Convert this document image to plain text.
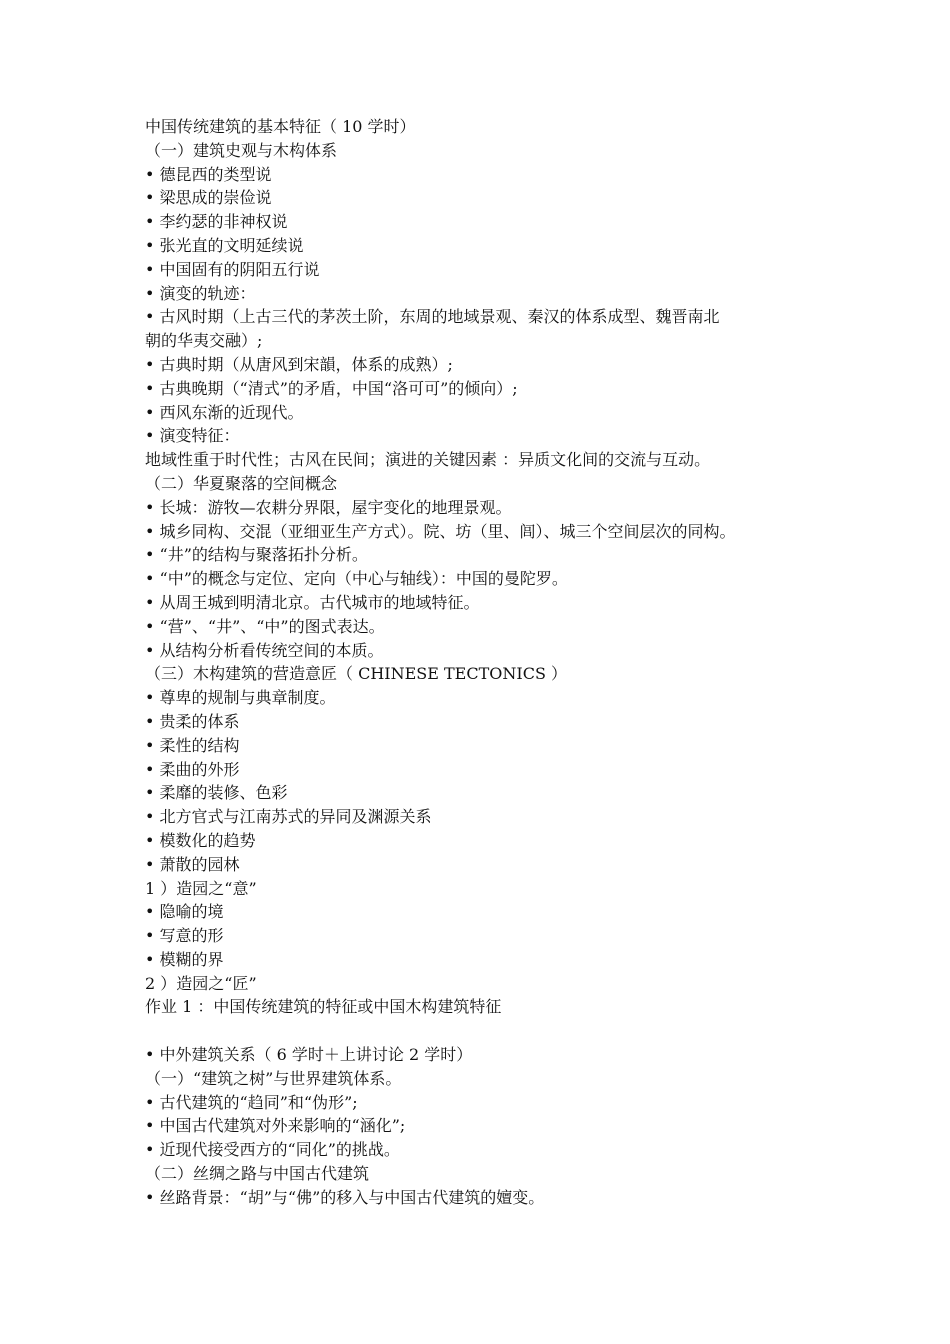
中国传统建筑的基本特征（ 10 学时）
（一）建筑史观与木构体系
• 德昆西的类型说
• 梁思成的崇俭说
• 李约瑟的非神权说
• 张光直的文明延续说
• 中国固有的阴阳五行说
• 演变的轨迹：
• 古风时期（上古三代的茅茨土阶，东周的地域景观、秦汉的体系成型、魏晋南北
朝的华夷交融）;
• 古典时期（从唐风到宋韻，体系的成熟）;
• 古典晚期（“清式”的矛盾，中国“洛可可”的倾向）;
• 西风东渐的近现代。
• 演变特征：
地域性重于时代性；古风在民间；演进的关键因素 ：异质文化间的交流与互动。
（二）华夏聚落的空间概念
• 长城：游牧—农耕分界限，屋宇变化的地理景观。
• 城乡同构、交混（亚细亚生产方式）。院、坊（里、闾）、城三个空间层次的同构。
• “井”的结构与聚落拓扑分析。
• “中”的概念与定位、定向（中心与轴线）：中国的曼陀罗。
• 从周王城到明清北京。古代城市的地域特征。
• “营”、“井”、“中”的图式表达。
• 从结构分析看传统空间的本质。
（三）木构建筑的营造意匠（ CHINESE TECTONICS ）
• 尊卑的规制与典章制度。
• 贵柔的体系
• 柔性的结构
• 柔曲的外形
• 柔靡的装修、色彩
• 北方官式与江南苏式的异同及渊源关系
• 模数化的趋势
• 萧散的园林
1 ）造园之“意”
• 隐喻的境
• 写意的形
• 模糊的界
2 ）造园之“匠”
作业 1 ：中国传统建筑的特征或中国木构建筑特征
• 中外建筑关系（ 6 学时＋上讲讨论 2 学时）
（一）“建筑之树”与世界建筑体系。
• 古代建筑的“趋同”和“伪形”;
• 中国古代建筑对外来影响的“涵化”;
• 近现代接受西方的“同化”的挑战。
（二）丝绸之路与中国古代建筑
• 丝路背景：“胡”与“佛”的移入与中国古代建筑的嬗变。
